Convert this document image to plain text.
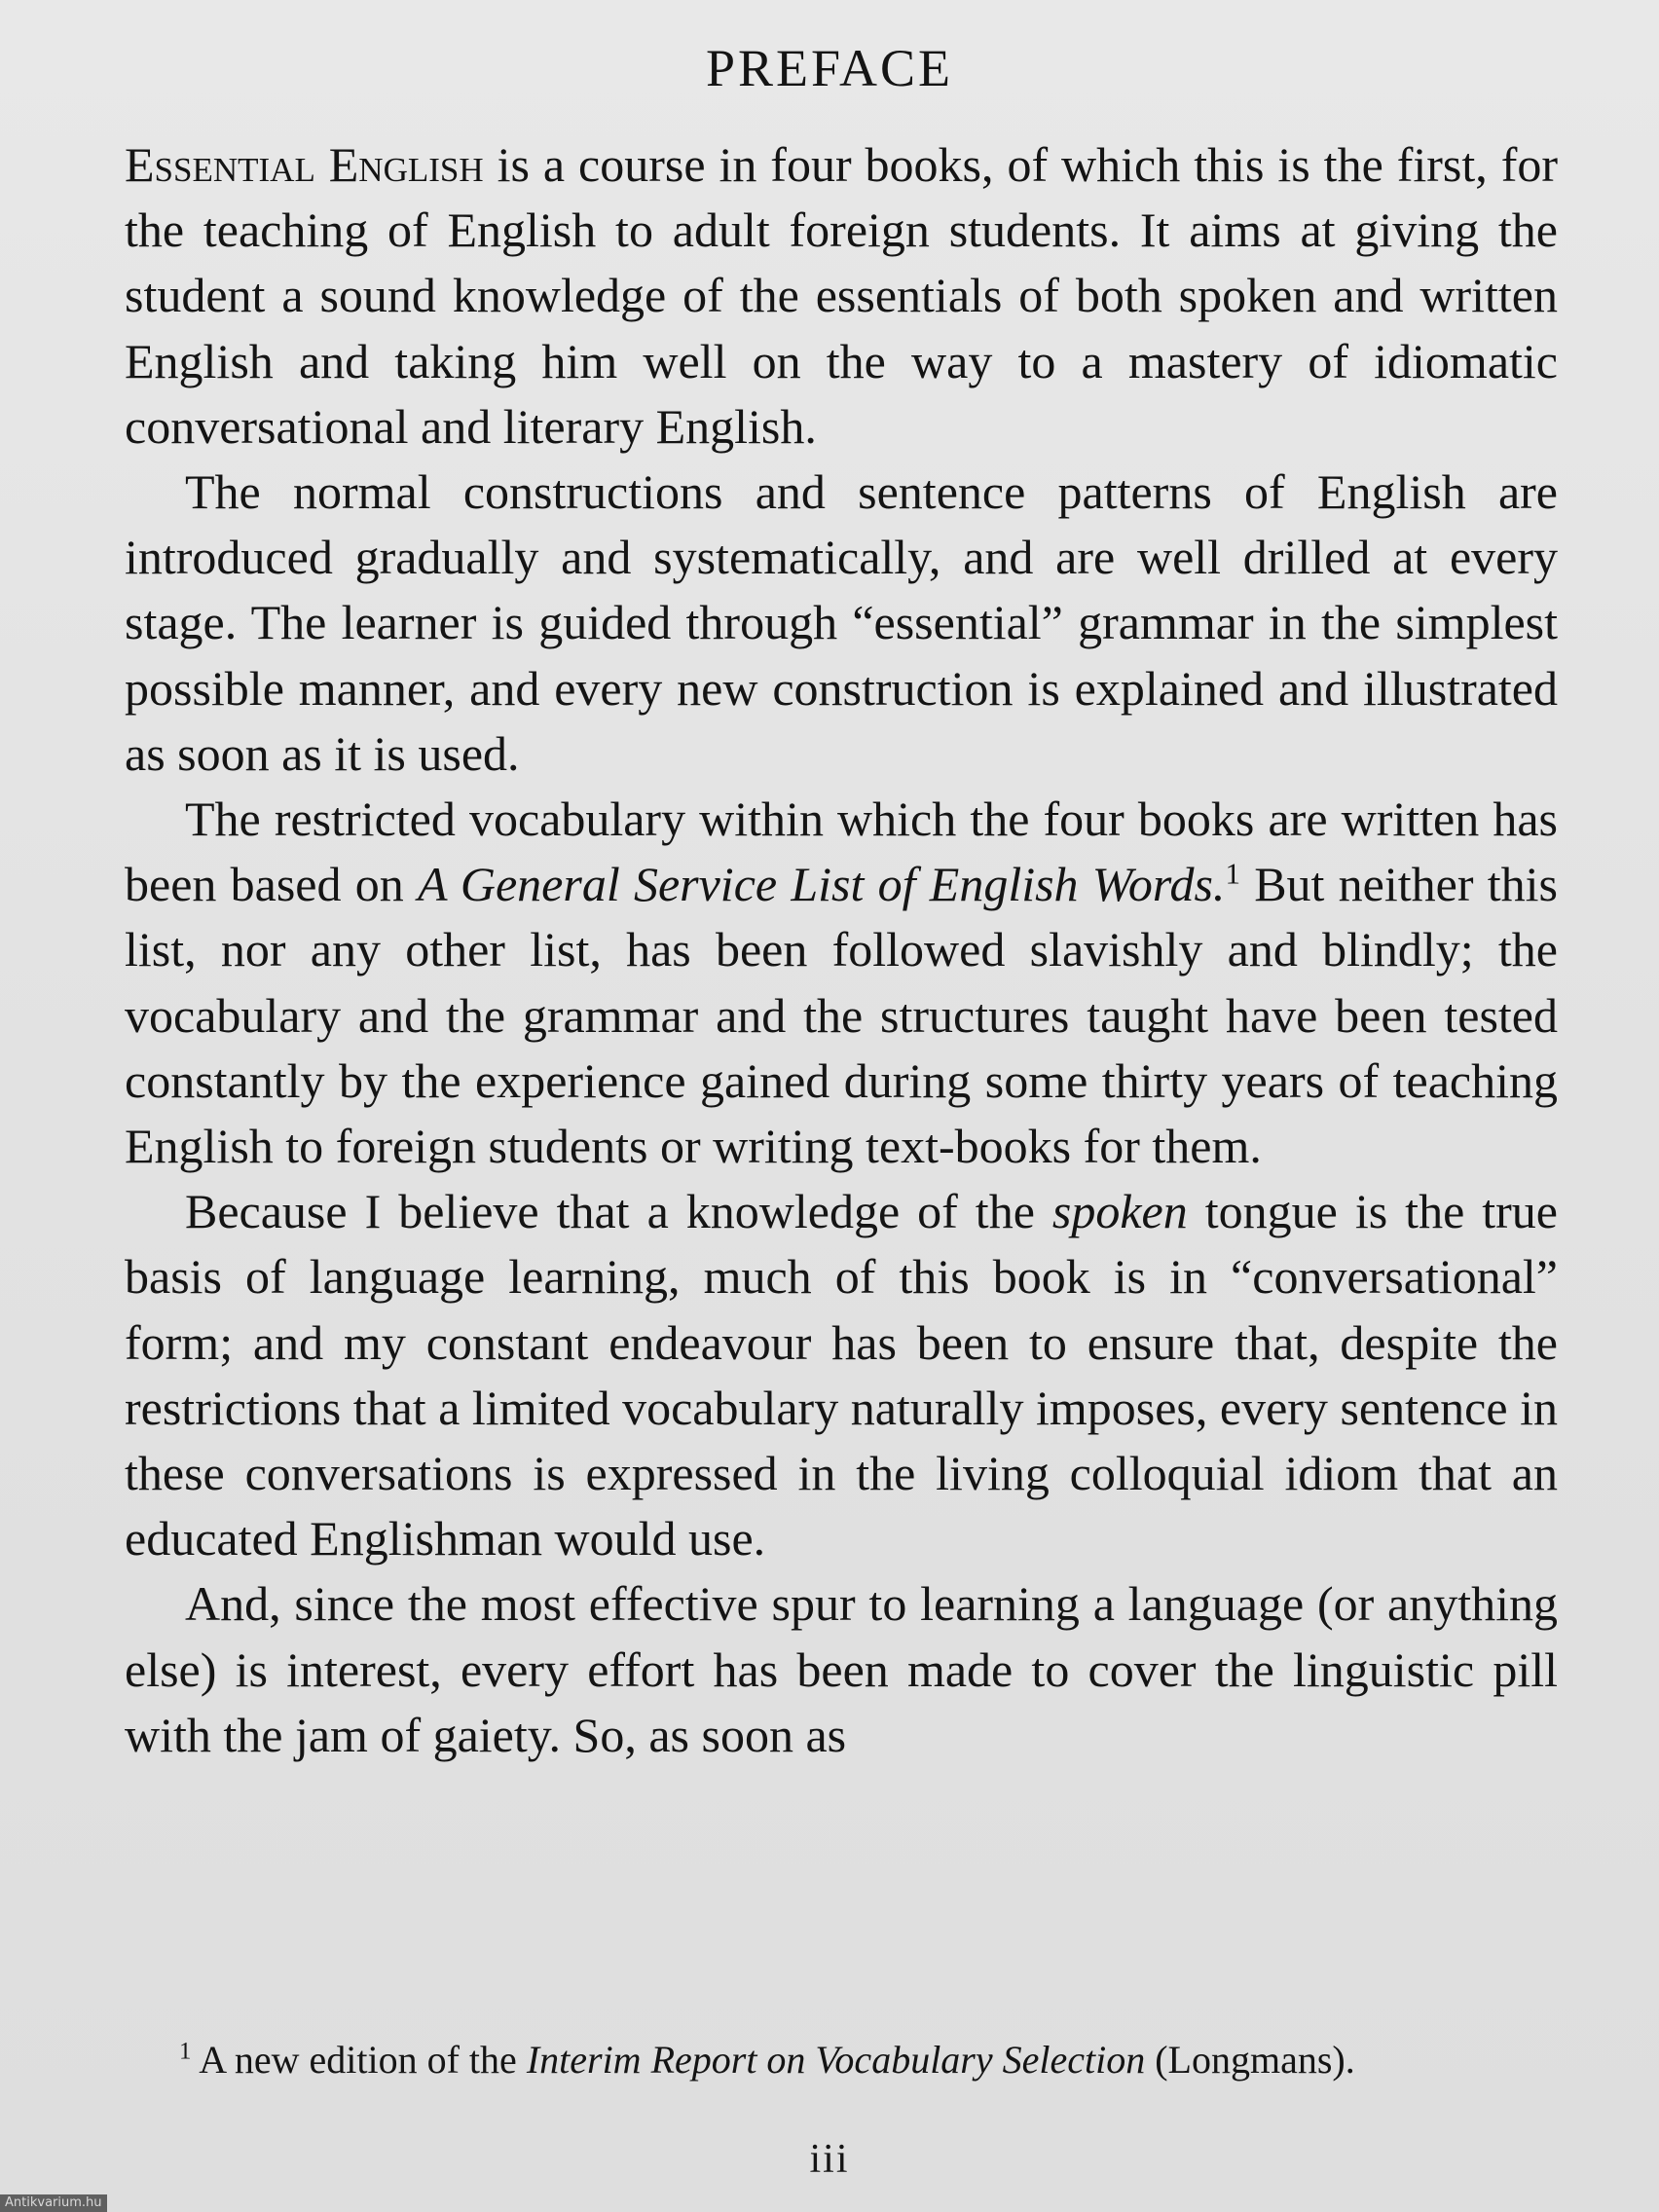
PREFACE

Essential English is a course in four books, of which this is the first, for the teaching of English to adult foreign students. It aims at giving the student a sound knowledge of the essentials of both spoken and written English and taking him well on the way to a mastery of idiomatic conversational and literary English.

The normal constructions and sentence patterns of English are introduced gradually and systematically, and are well drilled at every stage. The learner is guided through “essential” grammar in the simplest possible manner, and every new construction is explained and illustrated as soon as it is used.

The restricted vocabulary within which the four books are written has been based on A General Service List of English Words.$^1$ But neither this list, nor any other list, has been followed slavishly and blindly; the vocabulary and the grammar and the structures taught have been tested constantly by the experience gained during some thirty years of teaching English to foreign students or writing text-books for them.

Because I believe that a knowledge of the spoken tongue is the true basis of language learning, much of this book is in “conversational” form; and my constant endeavour has been to ensure that, despite the restrictions that a limited vocabulary naturally imposes, every sentence in these conversations is expressed in the living colloquial idiom that an educated Englishman would use.

And, since the most effective spur to learning a language (or anything else) is interest, every effort has been made to cover the linguistic pill with the jam of gaiety. So, as soon as

$^1$ A new edition of the Interim Report on Vocabulary Selection (Longmans).
iii
Antikvarium.hu
